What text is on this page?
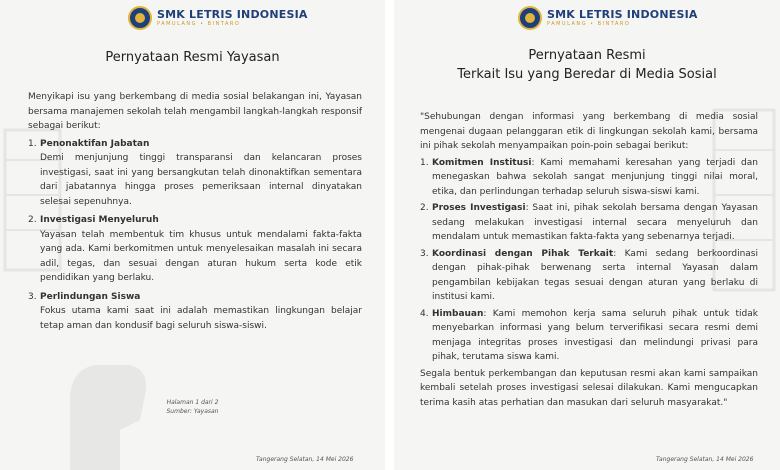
SMK LETRIS INDONESIA
PAMULANG • BINTARO
Pernyataan Resmi Yayasan

Menyikapi isu yang berkembang di media sosial belakangan ini, Yayasan bersama manajemen sekolah telah mengambil langkah-langkah responsif sebagai berikut:

1. Penonaktifan Jabatan
Demi menjunjung tinggi transparansi dan kelancaran proses investigasi, saat ini yang bersangkutan telah dinonaktifkan sementara dari jabatannya hingga proses pemeriksaan internal dinyatakan selesai sepenuhnya.
2. Investigasi Menyeluruh
Yayasan telah membentuk tim khusus untuk mendalami fakta-fakta yang ada. Kami berkomitmen untuk menyelesaikan masalah ini secara adil, tegas, dan sesuai dengan aturan hukum serta kode etik pendidikan yang berlaku.
3. Perlindungan Siswa
Fokus utama kami saat ini adalah memastikan lingkungan belajar tetap aman dan kondusif bagi seluruh siswa-siswi.
Halaman 1 dari 2
Sumber: Yayasan
Tangerang Selatan, 14 Mei 2026
SMK LETRIS INDONESIA
PAMULANG • BINTARO
Pernyataan Resmi
Terkait Isu yang Beredar di Media Sosial

"Sehubungan dengan informasi yang berkembang di media sosial mengenai dugaan pelanggaran etik di lingkungan sekolah kami, bersama ini pihak sekolah menyampaikan poin-poin sebagai berikut:

1. Komitmen Institusi: Kami memahami keresahan yang terjadi dan menegaskan bahwa sekolah sangat menjunjung tinggi nilai moral, etika, dan perlindungan terhadap seluruh siswa-siswi kami.
2. Proses Investigasi: Saat ini, pihak sekolah bersama dengan Yayasan sedang melakukan investigasi internal secara menyeluruh dan mendalam untuk memastikan fakta-fakta yang sebenarnya terjadi.
3. Koordinasi dengan Pihak Terkait: Kami sedang berkoordinasi dengan pihak-pihak berwenang serta internal Yayasan dalam pengambilan kebijakan tegas sesuai dengan aturan yang berlaku di institusi kami.
4. Himbauan: Kami memohon kerja sama seluruh pihak untuk tidak menyebarkan informasi yang belum terverifikasi secara resmi demi menjaga integritas proses investigasi dan melindungi privasi para pihak, terutama siswa kami.

Segala bentuk perkembangan dan keputusan resmi akan kami sampaikan kembali setelah proses investigasi selesai dilakukan. Kami mengucapkan terima kasih atas perhatian dan masukan dari seluruh masyarakat."

Tangerang Selatan, 14 Mei 2026
